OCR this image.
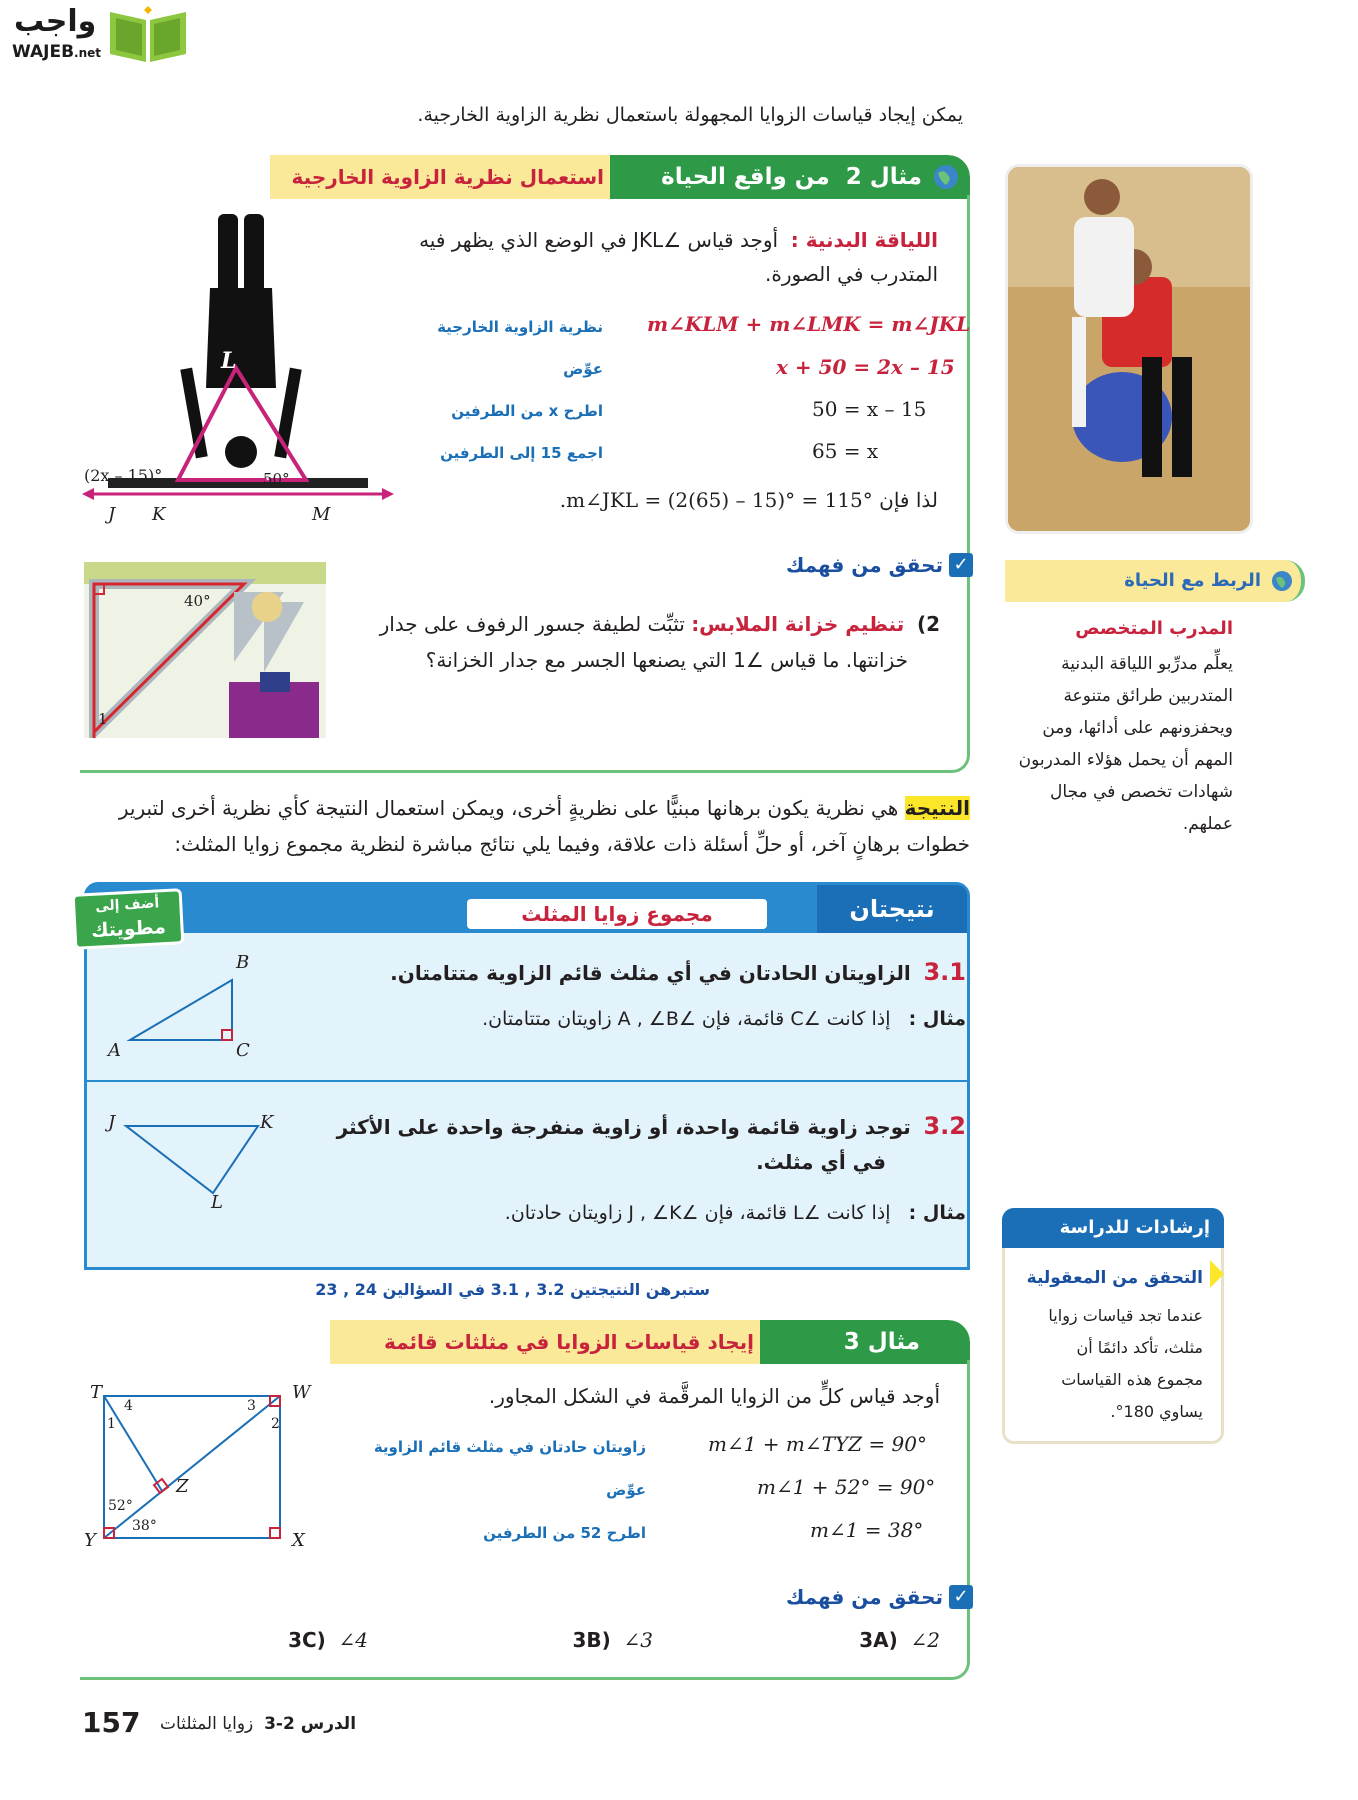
واجب
WAJEB.net
يمكن إيجاد قياسات الزوايا المجهولة باستعمال نظرية الزاوية الخارجية.
استعمال نظرية الزاوية الخارجية	مثال 2  من واقع الحياة
L
x°
50°
(2x – 15)°
J K	M
اللياقة البدنية :  أوجد قياس ∠JKL في الوضع الذي يظهر فيه
المتدرب في الصورة.
m∠KLM + m∠LMK = m∠JKL
نظرية الزاوية الخارجية
x + 50 = 2x – 15
عوِّض
50 = x – 15
اطرح x من الطرفين
65 = x
اجمع 15 إلى الطرفين
لذا فإن m∠JKL = (2(65) – 15)° = 115°.
الربط مع الحياة
المدرب المتخصص
يعلِّم مدرِّبو اللياقة البدنية
المتدربين طرائق متنوعة
ويحفزونهم على أدائها، ومن
المهم أن يحمل هؤلاء المدربون
شهادات تخصص في مجال
عملهم.
✓
تحقق من فهمك
2)  تنظيم خزانة الملابس: تثبِّت لطيفة جسور الرفوف على جدار
خزانتها. ما قياس ∠1 التي يصنعها الجسر مع جدار الخزانة؟
40°
1
النتيجة هي نظرية يكون برهانها مبنيًّا على نظريةٍ أخرى، ويمكن استعمال النتيجة كأي نظرية أخرى لتبرير
خطوات برهانٍ آخر، أو حلِّ أسئلة ذات علاقة، وفيما يلي نتائج مباشرة لنظرية مجموع زوايا المثلث:
نتيجتان
مجموع زوايا المثلث
أضف إلى
مطويتك
3.1  الزاويتان الحادتان في أي مثلث قائم الزاوية متتامتان.
مثال :   إذا كانت ∠C قائمة، فإن ∠A , ∠B زاويتان متتامتان.
A
B
C
3.2  توجد زاوية قائمة واحدة، أو زاوية منفرجة واحدة على الأكثر
في أي مثلث.
مثال :   إذا كانت ∠L قائمة، فإن ∠J , ∠K زاويتان حادتان.
J	K
L
ستبرهن النتيجتين 3.2 , 3.1 في السؤالين 24 , 23
إرشادات للدراسة
التحقق من المعقولية
عندما تجد قياسات زوايا
مثلث، تأكد دائمًا أن
مجموع هذه القياسات
يساوي 180°.
إيجاد قياسات الزوايا في مثلثات قائمة	مثال 3
أوجد قياس كلٍّ من الزوايا المرقَّمة في الشكل المجاور.
m∠1 + m∠TYZ = 90°
زاويتان حادتان في مثلث قائم الزاوية
m∠1 + 52° = 90°
عوِّض
m∠1 = 38°
اطرح 52 من الطرفين
T	W
Y	X
Z
1
4	3
2
52°
38°
✓
تحقق من فهمك
3A) ∠2
3B) ∠3
3C) ∠4
157	الدرس 2-3  زوايا المثلثات
